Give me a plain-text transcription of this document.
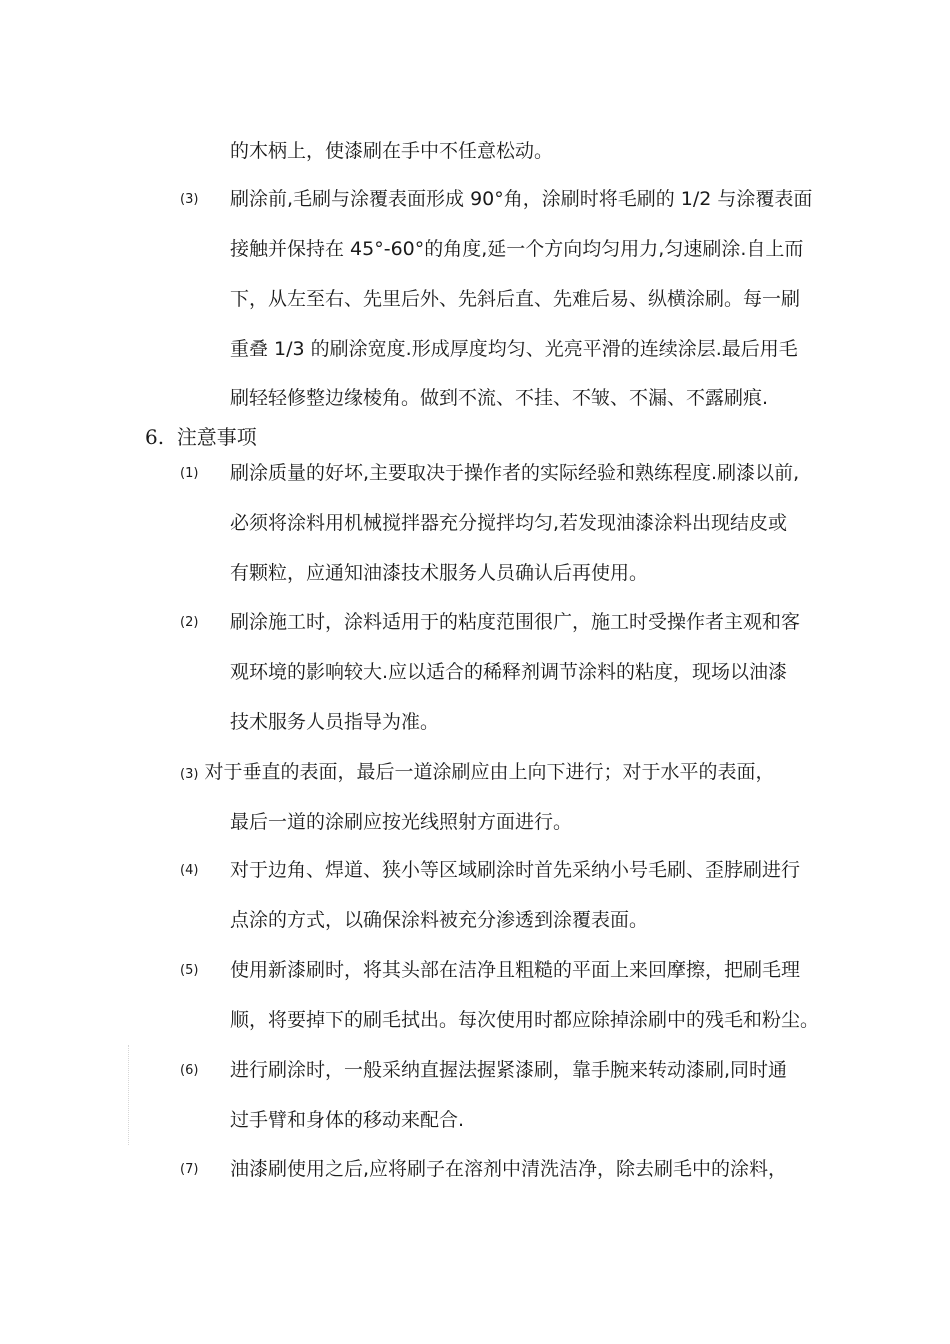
的木柄上，使漆刷在手中不任意松动。
(3) 刷涂前,毛刷与涂覆表面形成 90°角，涂刷时将毛刷的 1/2 与涂覆表面
接触并保持在 45°-60°的角度,延一个方向均匀用力,匀速刷涂.自上而
下，从左至右、先里后外、先斜后直、先难后易、纵横涂刷。每一刷
重叠 1/3 的刷涂宽度.形成厚度均匀、光亮平滑的连续涂层.最后用毛
刷轻轻修整边缘棱角。做到不流、不挂、不皱、不漏、不露刷痕.
6. 注意事项
(1) 刷涂质量的好坏,主要取决于操作者的实际经验和熟练程度.刷漆以前,
必须将涂料用机械搅拌器充分搅拌均匀,若发现油漆涂料出现结皮或
有颗粒，应通知油漆技术服务人员确认后再使用。
(2) 刷涂施工时，涂料适用于的粘度范围很广，施工时受操作者主观和客
观环境的影响较大.应以适合的稀释剂调节涂料的粘度，现场以油漆
技术服务人员指导为准。
(3) 对于垂直的表面，最后一道涂刷应由上向下进行；对于水平的表面，
最后一道的涂刷应按光线照射方面进行。
(4) 对于边角、焊道、狭小等区域刷涂时首先采纳小号毛刷、歪脖刷进行
点涂的方式，以确保涂料被充分渗透到涂覆表面。
(5) 使用新漆刷时，将其头部在洁净且粗糙的平面上来回摩擦，把刷毛理
顺，将要掉下的刷毛拭出。每次使用时都应除掉涂刷中的残毛和粉尘。
(6) 进行刷涂时，一般采纳直握法握紧漆刷，靠手腕来转动漆刷,同时通
过手臂和身体的移动来配合.
(7) 油漆刷使用之后,应将刷子在溶剂中清洗洁净，除去刷毛中的涂料，
